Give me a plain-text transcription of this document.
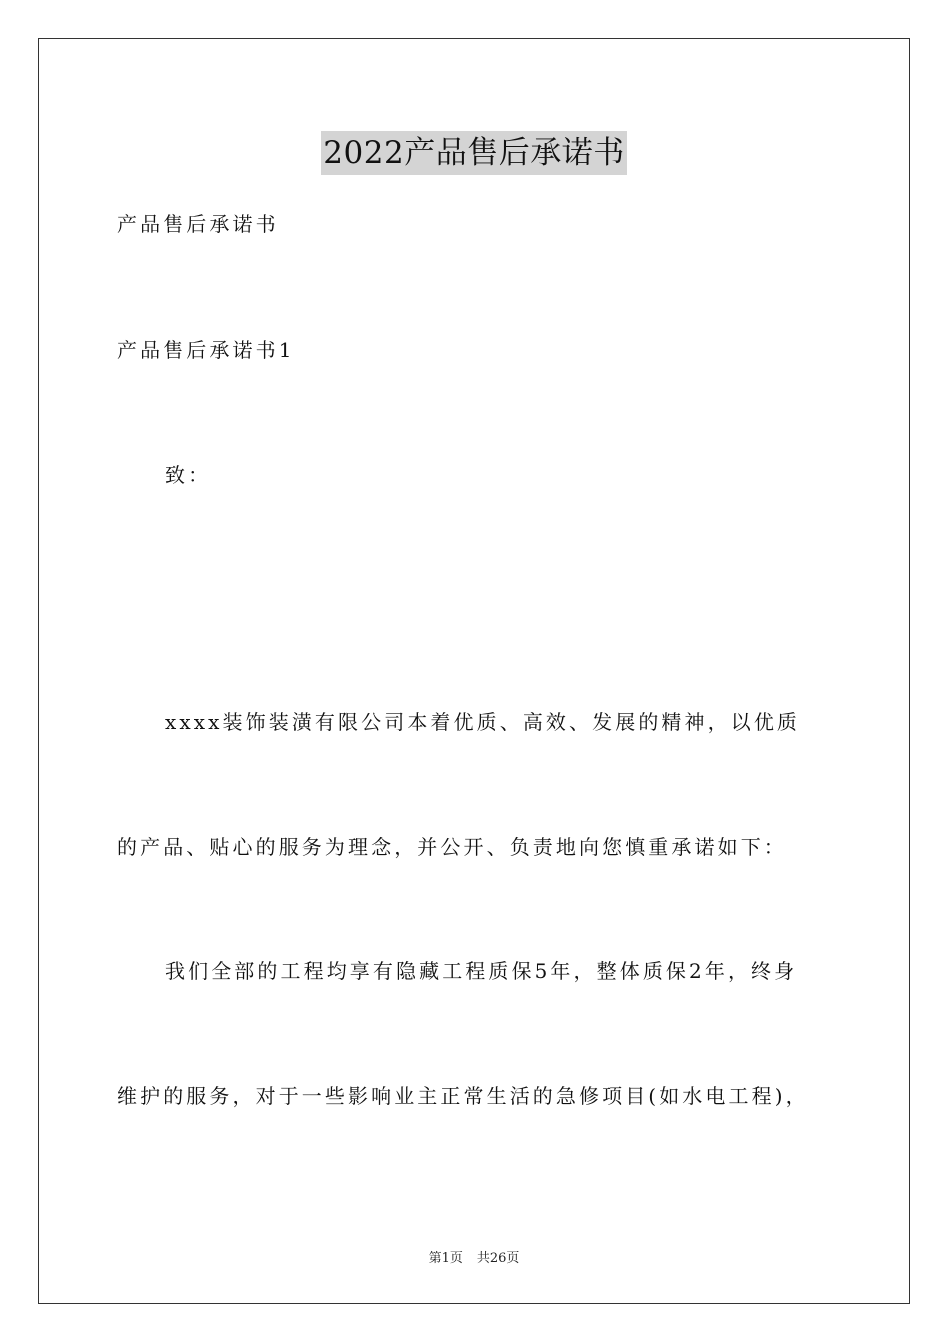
2022产品售后承诺书
产品售后承诺书
产品售后承诺书1
致：
xxxx装饰装潢有限公司本着优质、高效、发展的精神，以优质
的产品、贴心的服务为理念，并公开、负责地向您慎重承诺如下：
我们全部的工程均享有隐藏工程质保5年，整体质保2年，终身
维护的服务，对于一些影响业主正常生活的急修项目(如水电工程)，
第1页 共26页
